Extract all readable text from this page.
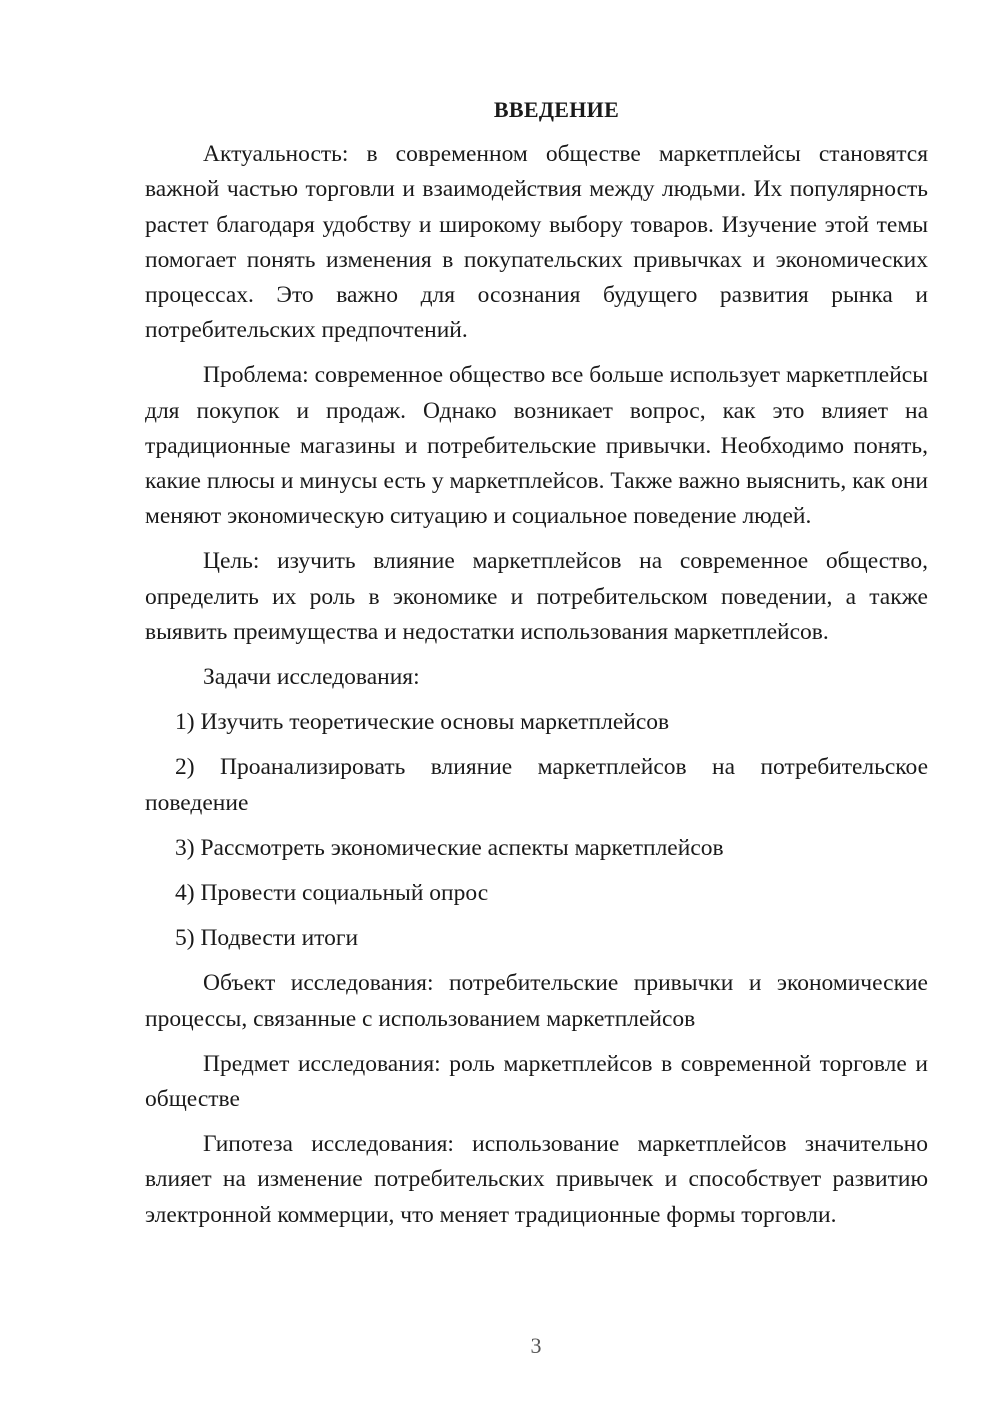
ВВЕДЕНИЕ

Актуальность: в современном обществе маркетплейсы становятся важной частью торговли и взаимодействия между людьми. Их популярность растет благодаря удобству и широкому выбору товаров. Изучение этой темы помогает понять изменения в покупательских привычках и экономических процессах. Это важно для осознания будущего развития рынка и потребительских предпочтений.

Проблема: современное общество все больше использует маркетплейсы для покупок и продаж. Однако возникает вопрос, как это влияет на традиционные магазины и потребительские привычки. Необходимо понять, какие плюсы и минусы есть у маркетплейсов. Также важно выяснить, как они меняют экономическую ситуацию и социальное поведение людей.

Цель: изучить влияние маркетплейсов на современное общество, определить их роль в экономике и потребительском поведении, а также выявить преимущества и недостатки использования маркетплейсов.

Задачи исследования:

1) Изучить теоретические основы маркетплейсов

2) Проанализировать влияние маркетплейсов на потребительское поведение

3) Рассмотреть экономические аспекты маркетплейсов

4) Провести социальный опрос

5) Подвести итоги

Объект исследования: потребительские привычки и экономические процессы, связанные с использованием маркетплейсов

Предмет исследования: роль маркетплейсов в современной торговле и обществе

Гипотеза исследования: использование маркетплейсов значительно влияет на изменение потребительских привычек и способствует развитию электронной коммерции, что меняет традиционные формы торговли.

3
